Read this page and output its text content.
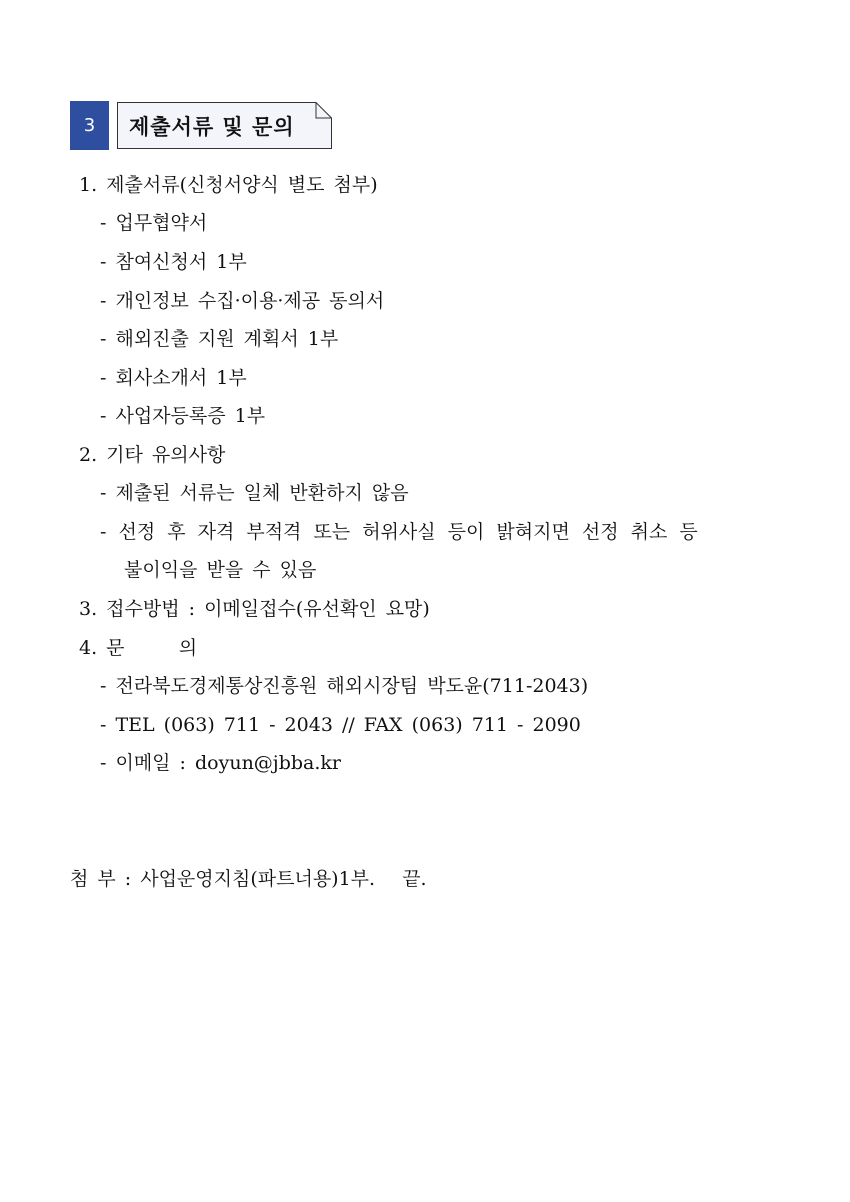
3	제출서류 및 문의
1. 제출서류(신청서양식 별도 첨부)
- 업무협약서
- 참여신청서 1부
- 개인정보 수집·이용·제공 동의서
- 해외진출 지원 계획서 1부
- 회사소개서 1부
- 사업자등록증 1부
2. 기타 유의사항
- 제출된 서류는 일체 반환하지 않음
- 선정 후 자격 부적격 또는 허위사실 등이 밝혀지면 선정 취소 등
불이익을 받을 수 있음
3. 접수방법 : 이메일접수(유선확인 요망)
4. 문      의
- 전라북도경제통상진흥원 해외시장팀 박도윤(711-2043)
- TEL (063) 711 - 2043 // FAX (063) 711 - 2090
- 이메일 : doyun@jbba.kr
첨 부 : 사업운영지침(파트너용)1부.   끝.
